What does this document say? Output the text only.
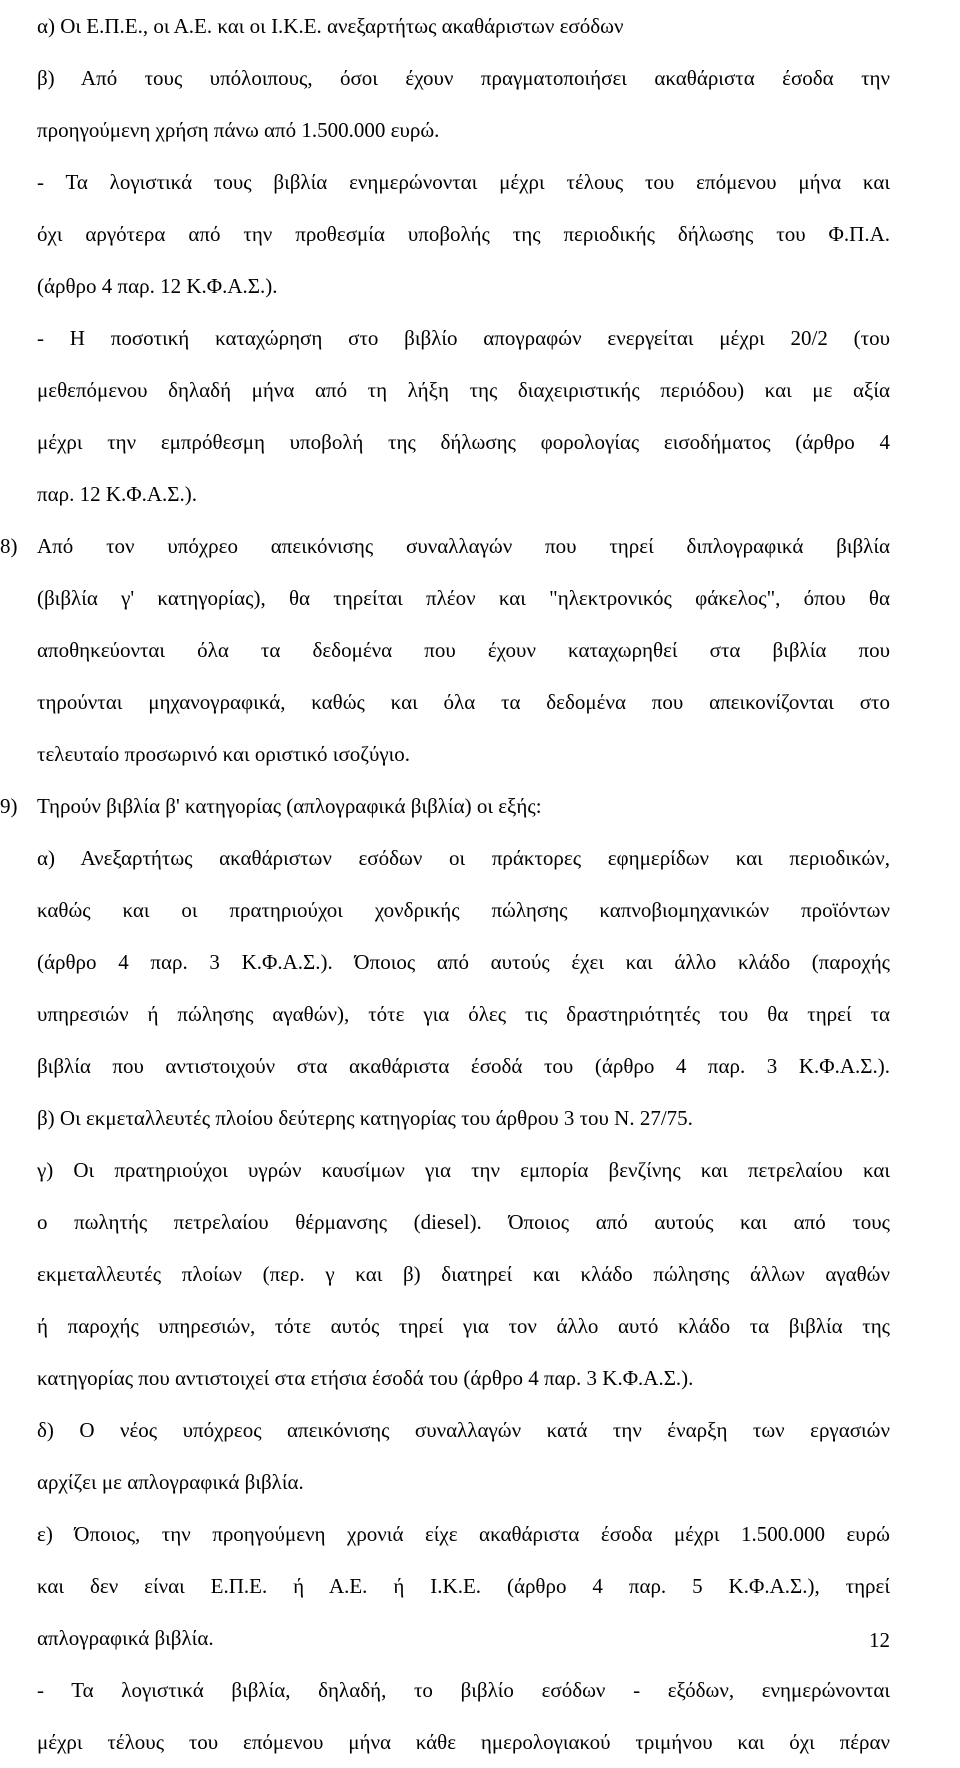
α) Οι Ε.Π.Ε., οι Α.Ε. και οι Ι.Κ.Ε. ανεξαρτήτως ακαθάριστων εσόδων
β) Από τους υπόλοιπους, όσοι έχουν πραγματοποιήσει ακαθάριστα έσοδα την
προηγούμενη χρήση πάνω από 1.500.000 ευρώ.
- Τα λογιστικά τους βιβλία ενημερώνονται μέχρι τέλους του επόμενου μήνα και
όχι αργότερα από την προθεσμία υποβολής της περιοδικής δήλωσης του Φ.Π.Α.
(άρθρο 4 παρ. 12 Κ.Φ.Α.Σ.).
- Η ποσοτική καταχώρηση στο βιβλίο απογραφών ενεργείται μέχρι 20/2 (του
μεθεπόμενου δηλαδή μήνα από τη λήξη της διαχειριστικής περιόδου) και με αξία
μέχρι την εμπρόθεσμη υποβολή της δήλωσης φορολογίας εισοδήματος (άρθρο 4
παρ. 12 Κ.Φ.Α.Σ.).
8) Από τον υπόχρεο απεικόνισης συναλλαγών που τηρεί διπλογραφικά βιβλία
(βιβλία γ' κατηγορίας), θα τηρείται πλέον και "ηλεκτρονικός φάκελος", όπου θα
αποθηκεύονται όλα τα δεδομένα που έχουν καταχωρηθεί στα βιβλία που
τηρούνται μηχανογραφικά, καθώς και όλα τα δεδομένα που απεικονίζονται στο
τελευταίο προσωρινό και οριστικό ισοζύγιο.
9) Τηρούν βιβλία β' κατηγορίας (απλογραφικά βιβλία) οι εξής:
α) Ανεξαρτήτως ακαθάριστων εσόδων οι πράκτορες εφημερίδων και περιοδικών,
καθώς και οι πρατηριούχοι χονδρικής πώλησης καπνοβιομηχανικών προϊόντων
(άρθρο 4 παρ. 3 Κ.Φ.Α.Σ.). Όποιος από αυτούς έχει και άλλο κλάδο (παροχής
υπηρεσιών ή πώλησης αγαθών), τότε για όλες τις δραστηριότητές του θα τηρεί τα
βιβλία που αντιστοιχούν στα ακαθάριστα έσοδά του (άρθρο 4 παρ. 3 Κ.Φ.Α.Σ.).
β) Οι εκμεταλλευτές πλοίου δεύτερης κατηγορίας του άρθρου 3 του Ν. 27/75.
γ) Οι πρατηριούχοι υγρών καυσίμων για την εμπορία βενζίνης και πετρελαίου και
ο πωλητής πετρελαίου θέρμανσης (diesel). Όποιος από αυτούς και από τους
εκμεταλλευτές πλοίων (περ. γ και β) διατηρεί και κλάδο πώλησης άλλων αγαθών
ή παροχής υπηρεσιών, τότε αυτός τηρεί για τον άλλο αυτό κλάδο τα βιβλία της
κατηγορίας που αντιστοιχεί στα ετήσια έσοδά του (άρθρο 4 παρ. 3 Κ.Φ.Α.Σ.).
δ) Ο νέος υπόχρεος απεικόνισης συναλλαγών κατά την έναρξη των εργασιών
αρχίζει με απλογραφικά βιβλία.
ε) Όποιος, την προηγούμενη χρονιά είχε ακαθάριστα έσοδα μέχρι 1.500.000 ευρώ
και δεν είναι Ε.Π.Ε. ή Α.Ε. ή Ι.Κ.Ε. (άρθρο 4 παρ. 5 Κ.Φ.Α.Σ.), τηρεί
απλογραφικά βιβλία.
- Τα λογιστικά βιβλία, δηλαδή, το βιβλίο εσόδων - εξόδων, ενημερώνονται
μέχρι τέλους του επόμενου μήνα κάθε ημερολογιακού τριμήνου και όχι πέραν
12
